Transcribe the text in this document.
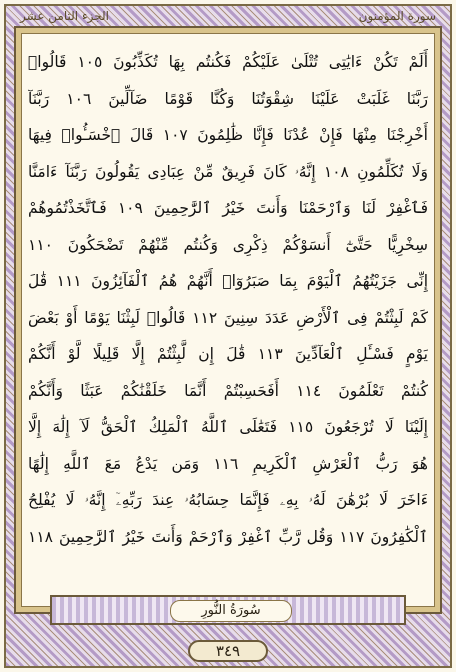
الجزء الثامن عشر	سورة المؤمنون
أَلَمْ تَكُنْ ءَايَٰتِى تُتْلَىٰ عَلَيْكُمْ فَكُنتُم بِهَا تُكَذِّبُونَ ١٠٥ قَالُوا۟
رَبَّنَا غَلَبَتْ عَلَيْنَا شِقْوَتُنَا وَكُنَّا قَوْمًا ضَآلِّينَ ١٠٦ رَبَّنَآ
أَخْرِجْنَا مِنْهَا فَإِنْ عُدْنَا فَإِنَّا ظَٰلِمُونَ ١٠٧ قَالَ ٱخْسَـُٔوا۟ فِيهَا
وَلَا تُكَلِّمُونِ ١٠٨ إِنَّهُۥ كَانَ فَرِيقٌ مِّنْ عِبَادِى يَقُولُونَ رَبَّنَآ ءَامَنَّا
فَٱغْفِرْ لَنَا وَٱرْحَمْنَا وَأَنتَ خَيْرُ ٱلرَّٰحِمِينَ ١٠٩ فَٱتَّخَذْتُمُوهُمْ
سِخْرِيًّا حَتَّىٰٓ أَنسَوْكُمْ ذِكْرِى وَكُنتُم مِّنْهُمْ تَضْحَكُونَ ١١٠
إِنِّى جَزَيْتُهُمُ ٱلْيَوْمَ بِمَا صَبَرُوٓا۟ أَنَّهُمْ هُمُ ٱلْفَآئِزُونَ ١١١ قَٰلَ
كَمْ لَبِثْتُمْ فِى ٱلْأَرْضِ عَدَدَ سِنِينَ ١١٢ قَالُوا۟ لَبِثْنَا يَوْمًا أَوْ بَعْضَ
يَوْمٍ فَسْـَٔلِ ٱلْعَآدِّينَ ١١٣ قَٰلَ إِن لَّبِثْتُمْ إِلَّا قَلِيلًا لَّوْ أَنَّكُمْ
كُنتُمْ تَعْلَمُونَ ١١٤ أَفَحَسِبْتُمْ أَنَّمَا خَلَقْنَٰكُمْ عَبَثًا وَأَنَّكُمْ
إِلَيْنَا لَا تُرْجَعُونَ ١١٥ فَتَعَٰلَى ٱللَّهُ ٱلْمَلِكُ ٱلْحَقُّ لَآ إِلَٰهَ إِلَّا
هُوَ رَبُّ ٱلْعَرْشِ ٱلْكَرِيمِ ١١٦ وَمَن يَدْعُ مَعَ ٱللَّهِ إِلَٰهًا
ءَاخَرَ لَا بُرْهَٰنَ لَهُۥ بِهِۦ فَإِنَّمَا حِسَابُهُۥ عِندَ رَبِّهِۦٓ إِنَّهُۥ لَا يُفْلِحُ
ٱلْكَٰفِرُونَ ١١٧ وَقُل رَّبِّ ٱغْفِرْ وَٱرْحَمْ وَأَنتَ خَيْرُ ٱلرَّٰحِمِينَ ١١٨
سُورَةُ النُّورِ
٣٤٩
